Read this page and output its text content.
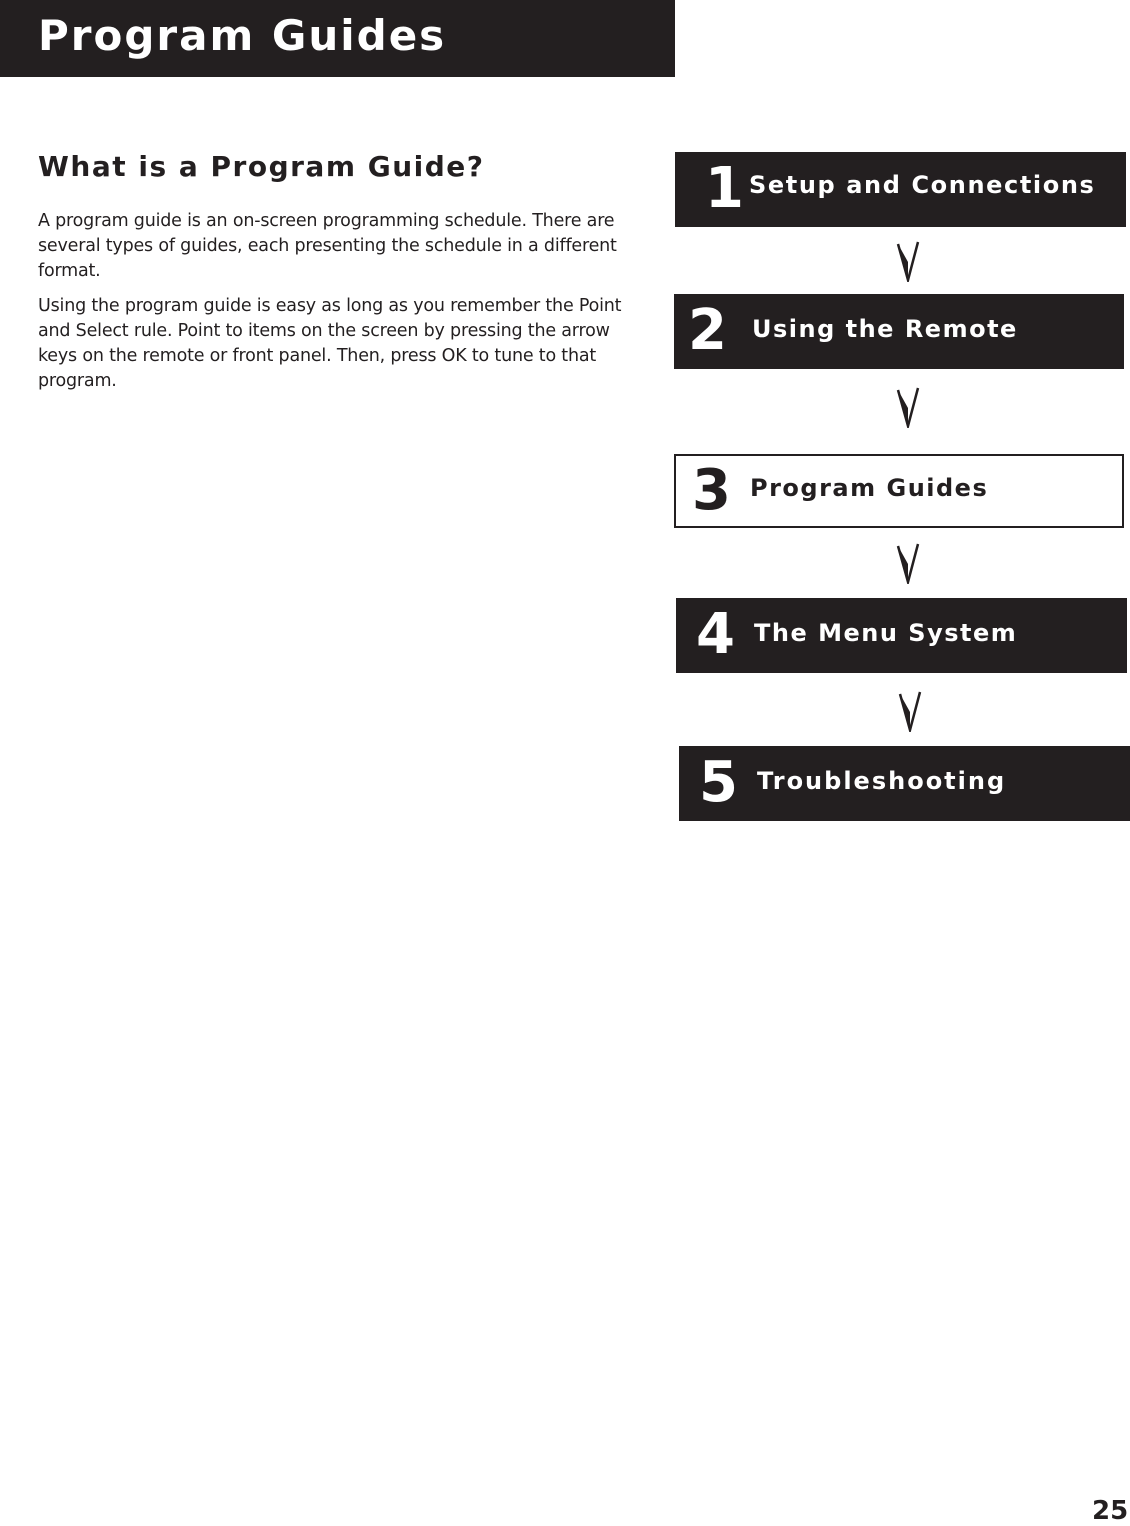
Program Guides
What is a Program Guide?

A program guide is an on-screen programming schedule. There are several types of guides, each presenting the schedule in a different format.

Using the program guide is easy as long as you remember the Point and Select rule. Point to items on the screen by pressing the arrow keys on the remote or front panel. Then, press OK to tune to that program.

1 Setup and Connections
2 Using the Remote
3 Program Guides
4 The Menu System
5 Troubleshooting
25
